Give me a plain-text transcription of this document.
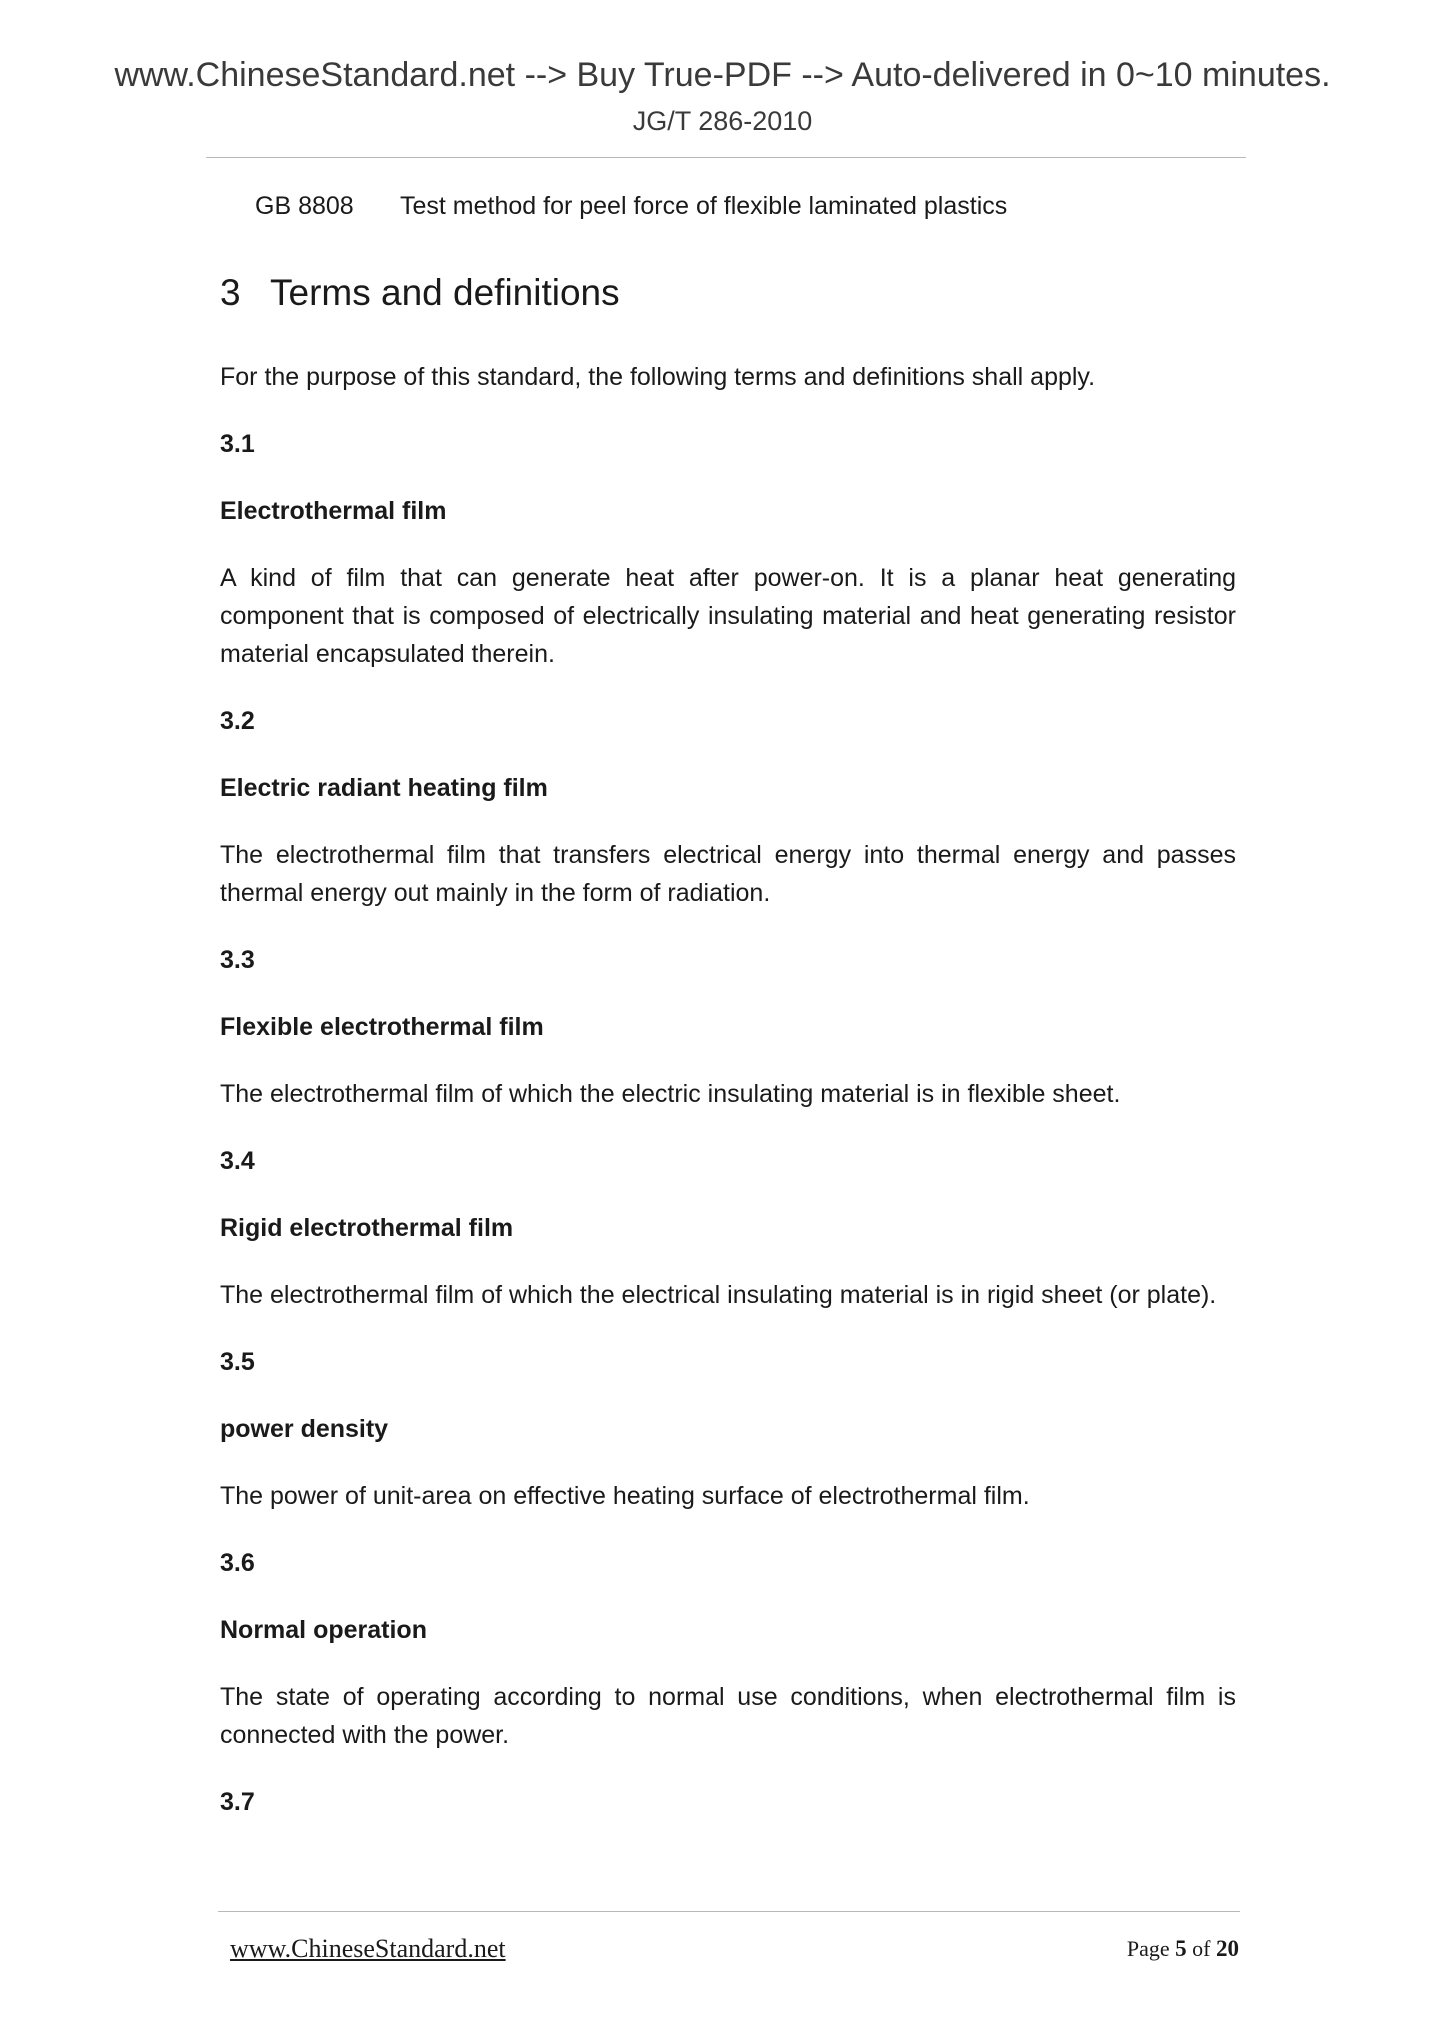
www.ChineseStandard.net --> Buy True-PDF --> Auto-delivered in 0~10 minutes.
JG/T 286-2010
GB 8808 Test method for peel force of flexible laminated plastics
3 Terms and definitions

For the purpose of this standard, the following terms and definitions shall apply.

3.1

Electrothermal film

A kind of film that can generate heat after power-on. It is a planar heat generating component that is composed of electrically insulating material and heat generating resistor material encapsulated therein.

3.2

Electric radiant heating film

The electrothermal film that transfers electrical energy into thermal energy and passes thermal energy out mainly in the form of radiation.

3.3

Flexible electrothermal film

The electrothermal film of which the electric insulating material is in flexible sheet.

3.4

Rigid electrothermal film

The electrothermal film of which the electrical insulating material is in rigid sheet (or plate).

3.5

power density

The power of unit-area on effective heating surface of electrothermal film.

3.6

Normal operation

The state of operating according to normal use conditions, when electrothermal film is connected with the power.

3.7

www.ChineseStandard.net	Page 5 of 20
